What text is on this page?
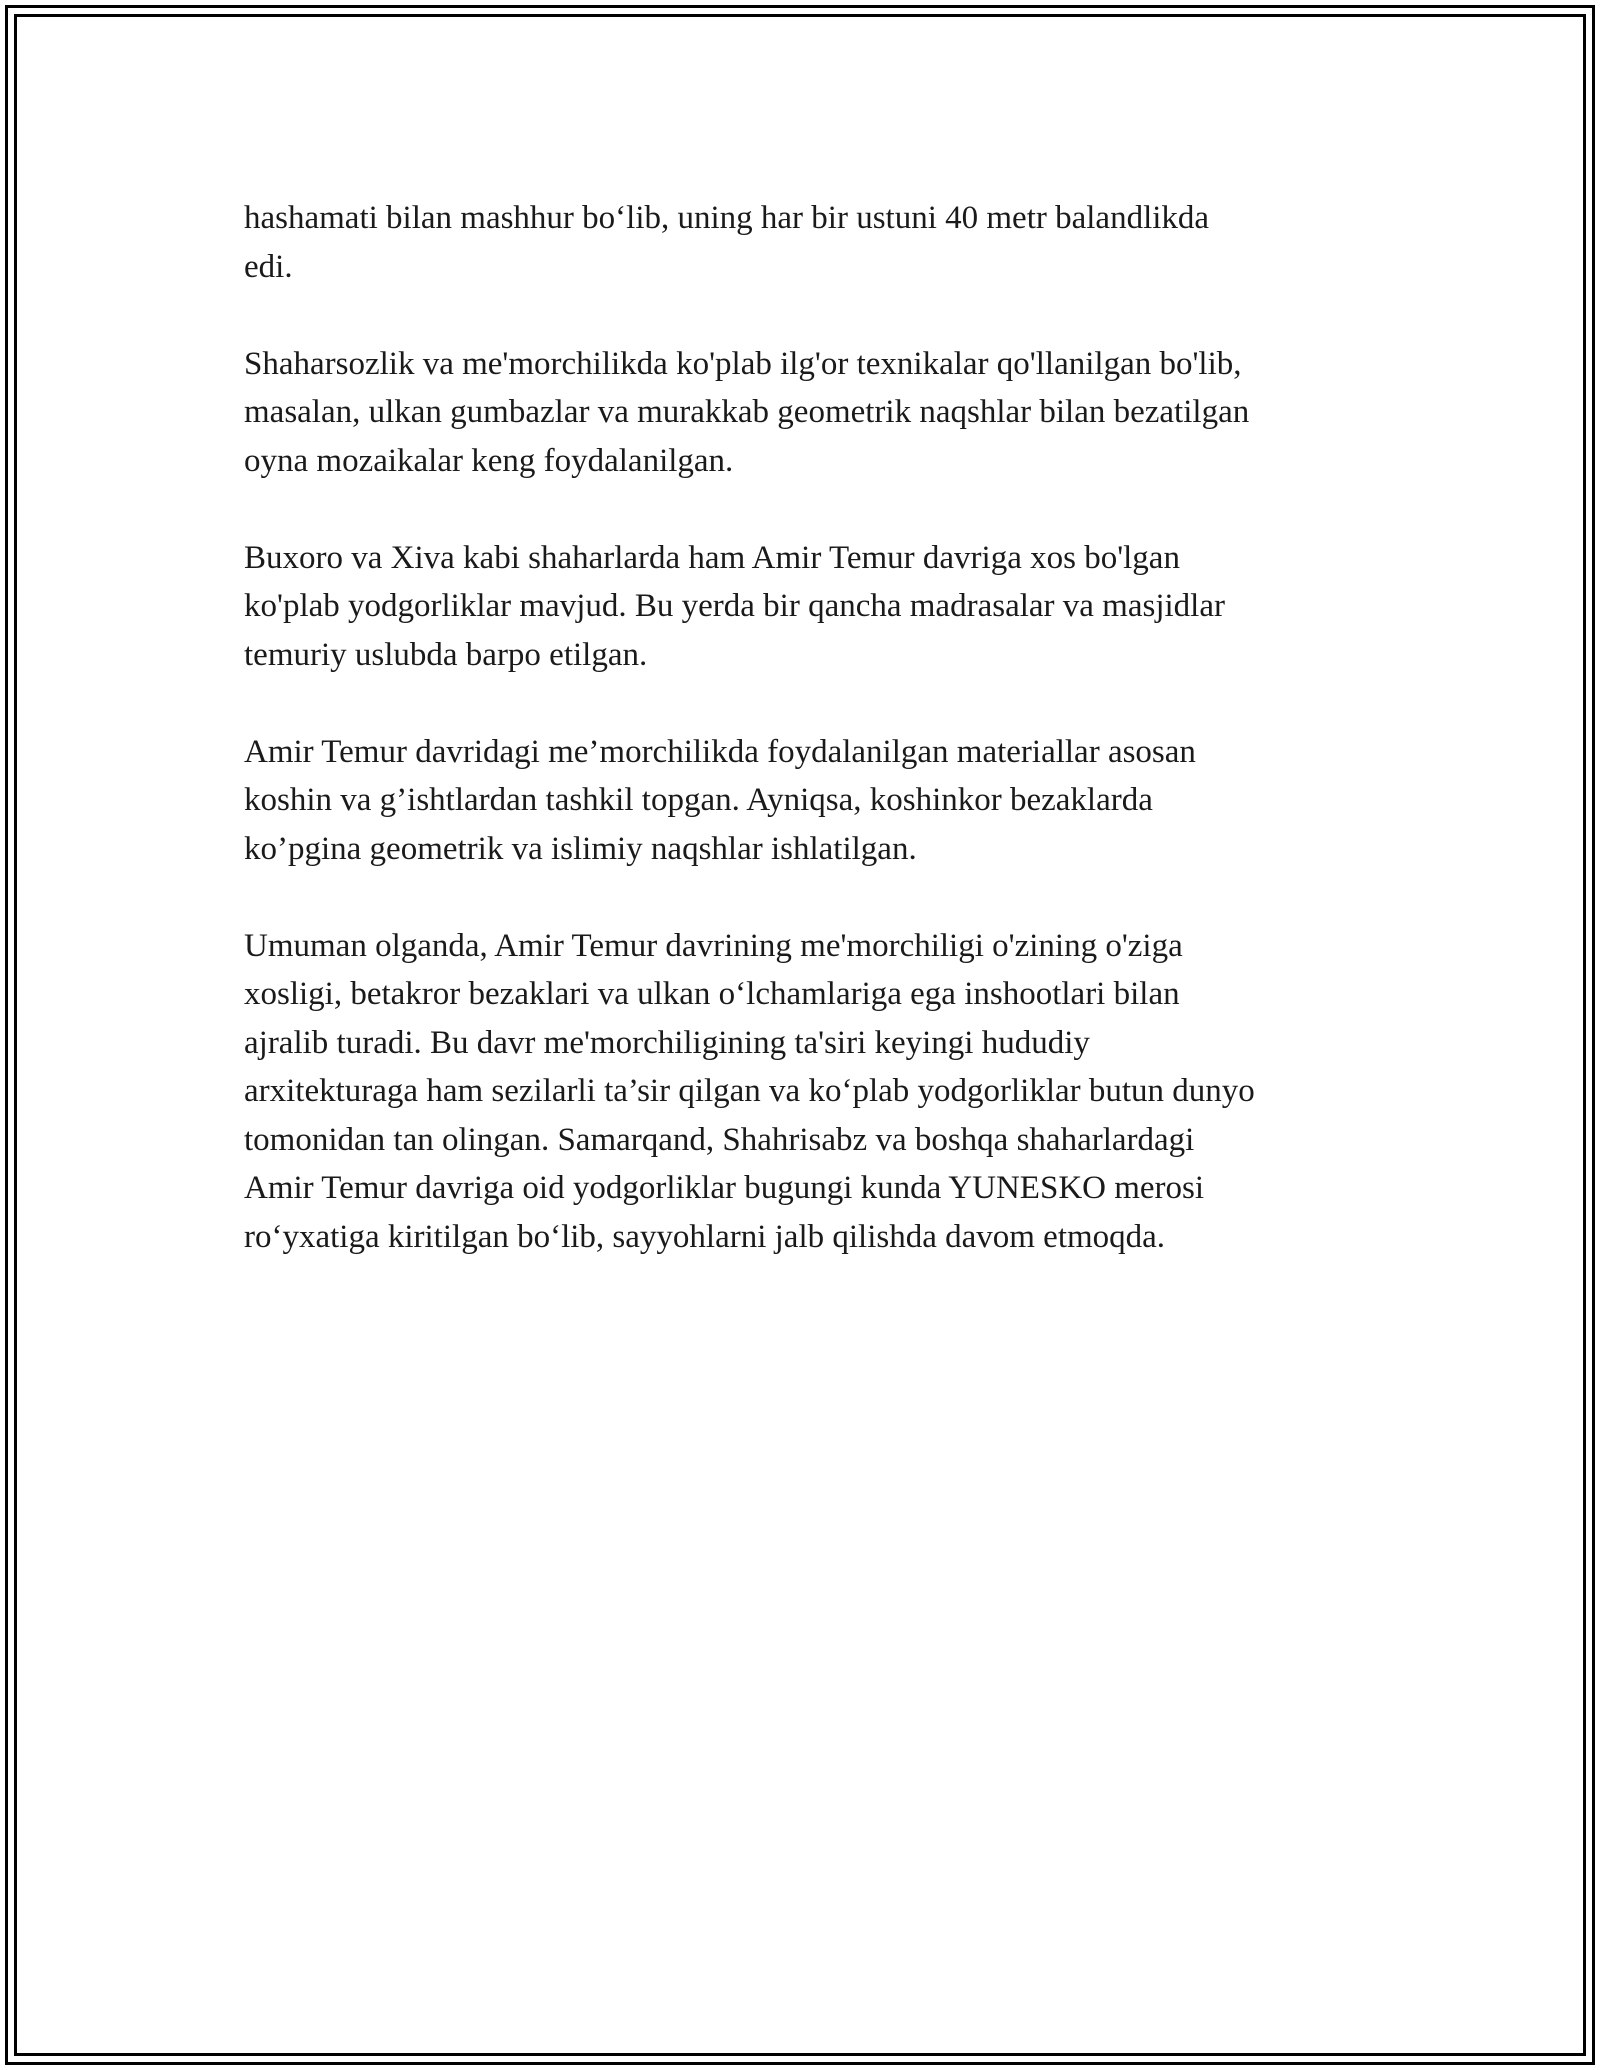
hashamati bilan mashhur bo‘lib, uning har bir ustuni 40 metr balandlikda
edi.

Shaharsozlik va me'morchilikda ko'plab ilg'or texnikalar qo'llanilgan bo'lib,
masalan, ulkan gumbazlar va murakkab geometrik naqshlar bilan bezatilgan
oyna mozaikalar keng foydalanilgan.

Buxoro va Xiva kabi shaharlarda ham Amir Temur davriga xos bo'lgan
ko'plab yodgorliklar mavjud. Bu yerda bir qancha madrasalar va masjidlar
temuriy uslubda barpo etilgan.

Amir Temur davridagi me’morchilikda foydalanilgan materiallar asosan
koshin va g’ishtlardan tashkil topgan. Ayniqsa, koshinkor bezaklarda
ko’pgina geometrik va islimiy naqshlar ishlatilgan.

Umuman olganda, Amir Temur davrining me'morchiligi o'zining o'ziga
xosligi, betakror bezaklari va ulkan o‘lchamlariga ega inshootlari bilan
ajralib turadi. Bu davr me'morchiligining ta'siri keyingi hududiy
arxitekturaga ham sezilarli ta’sir qilgan va ko‘plab yodgorliklar butun dunyo
tomonidan tan olingan. Samarqand, Shahrisabz va boshqa shaharlardagi
Amir Temur davriga oid yodgorliklar bugungi kunda YUNESKO merosi
ro‘yxatiga kiritilgan bo‘lib, sayyohlarni jalb qilishda davom etmoqda.
